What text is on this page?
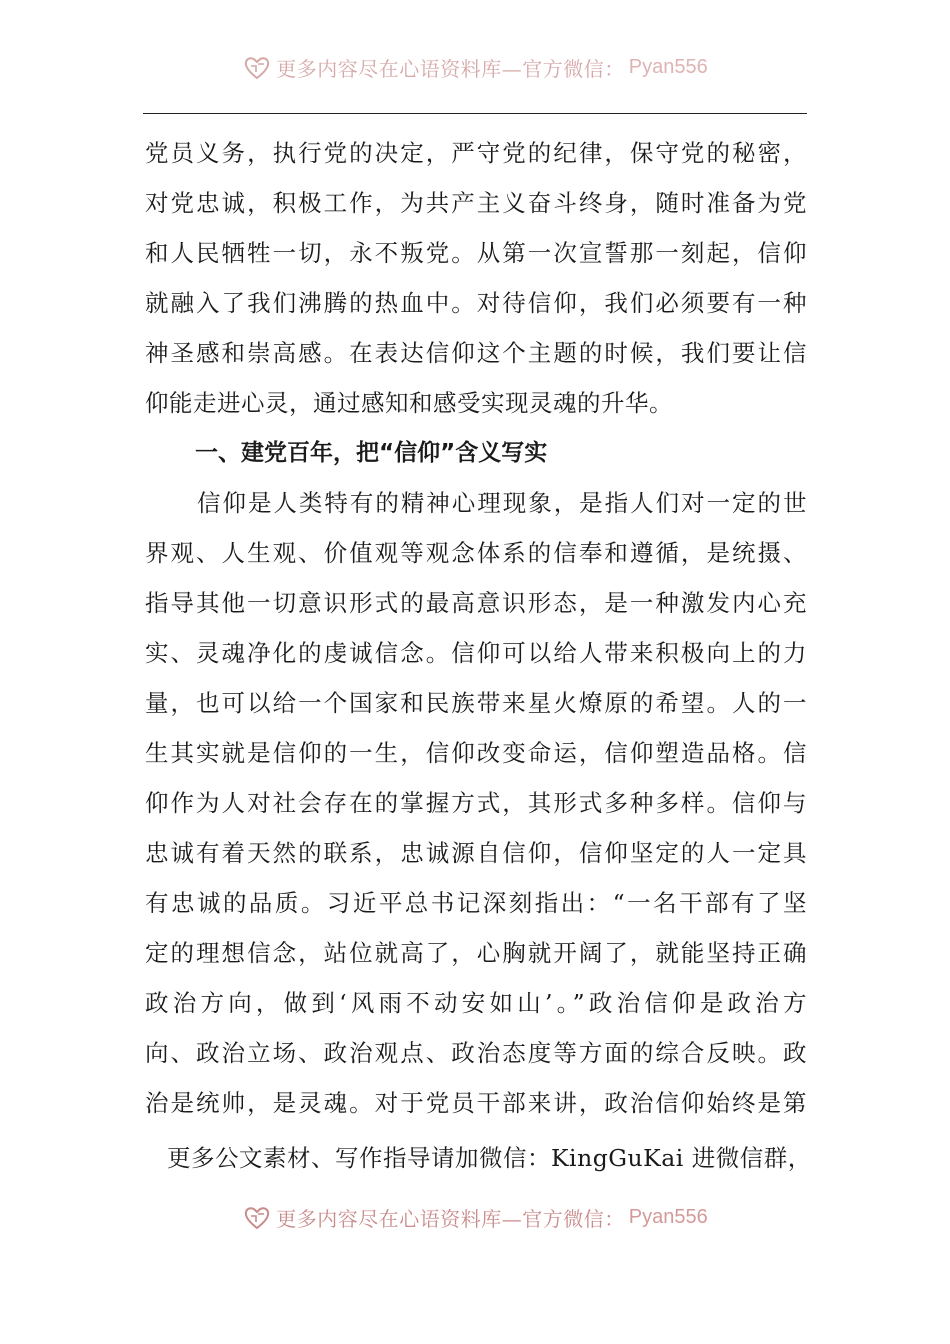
更多内容尽在心语资料库—官方微信： Pyan556
党员义务，执行党的决定，严守党的纪律，保守党的秘密，
对党忠诚，积极工作，为共产主义奋斗终身，随时准备为党
和人民牺牲一切，永不叛党。从第一次宣誓那一刻起，信仰
就融入了我们沸腾的热血中。对待信仰，我们必须要有一种
神圣感和崇高感。在表达信仰这个主题的时候，我们要让信
仰能走进心灵，通过感知和感受实现灵魂的升华。
一、建党百年，把“信仰”含义写实
信仰是人类特有的精神心理现象，是指人们对一定的世
界观、人生观、价值观等观念体系的信奉和遵循，是统摄、
指导其他一切意识形式的最高意识形态，是一种激发内心充
实、灵魂净化的虔诚信念。信仰可以给人带来积极向上的力
量，也可以给一个国家和民族带来星火燎原的希望。人的一
生其实就是信仰的一生，信仰改变命运，信仰塑造品格。信
仰作为人对社会存在的掌握方式，其形式多种多样。信仰与
忠诚有着天然的联系，忠诚源自信仰，信仰坚定的人一定具
有忠诚的品质。习近平总书记深刻指出：“一名干部有了坚
定的理想信念，站位就高了，心胸就开阔了，就能坚持正确
政治方向，做到‘风雨不动安如山’。”政治信仰是政治方
向、政治立场、政治观点、政治态度等方面的综合反映。政
治是统帅，是灵魂。对于党员干部来讲，政治信仰始终是第
更多公文素材、写作指导请加微信：KingGuKai 进微信群，
更多内容尽在心语资料库—官方微信： Pyan556
